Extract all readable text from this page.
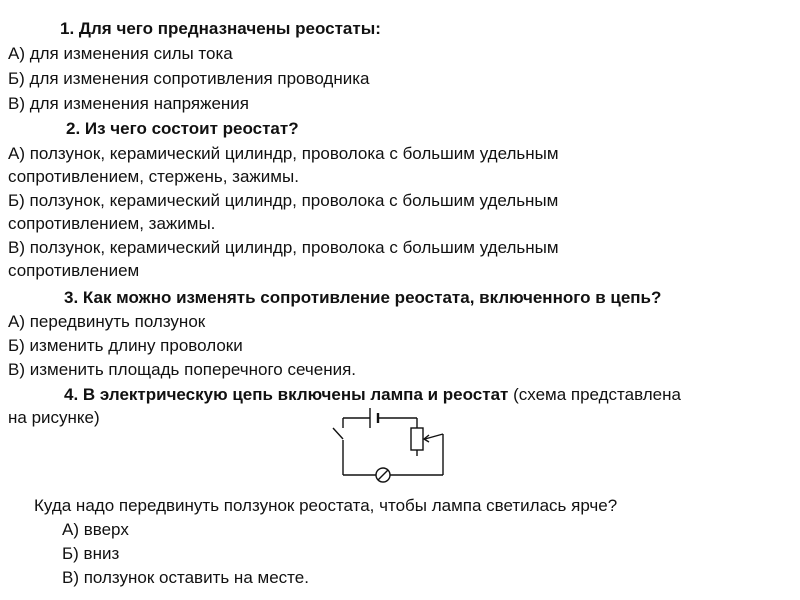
1. Для чего предназначены реостаты:
А) для изменения силы тока
Б) для изменения сопротивления проводника
В) для изменения напряжения
2. Из чего состоит реостат?
А) ползунок, керамический цилиндр, проволока с большим удельным
сопротивлением, стержень, зажимы.
Б) ползунок, керамический цилиндр, проволока с большим удельным
сопротивлением, зажимы.
В) ползунок, керамический цилиндр, проволока с большим удельным
сопротивлением
3. Как можно изменять сопротивление реостата, включенного в цепь?
А) передвинуть ползунок
Б) изменить длину проволоки
В) изменить площадь поперечного сечения.
4. В электрическую цепь включены лампа и реостат (схема представлена
на рисунке)
Куда надо передвинуть ползунок реостата, чтобы лампа светилась ярче?
А) вверх
Б) вниз
В) ползунок оставить на месте.
